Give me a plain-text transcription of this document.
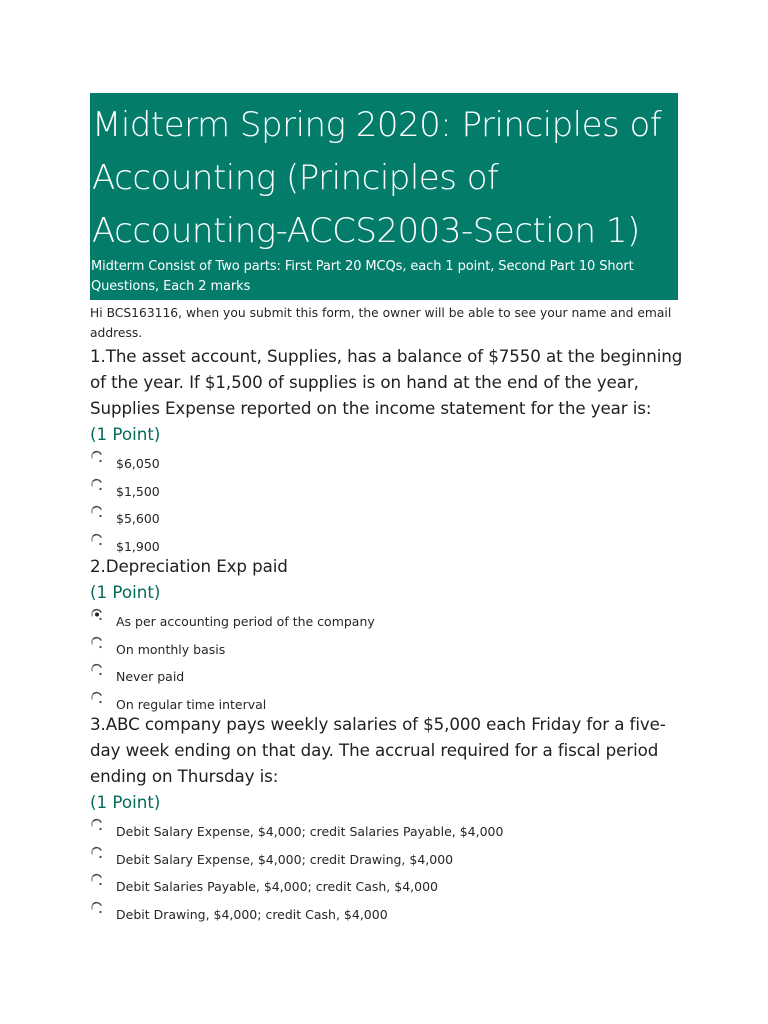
Midterm Spring 2020: Principles of Accounting (Principles of Accounting-ACCS2003-Section 1)
Midterm Consist of Two parts: First Part 20 MCQs, each 1 point, Second Part 10 Short Questions, Each 2 marks
Hi BCS163116, when you submit this form, the owner will be able to see your name and email address.
1.The asset account, Supplies, has a balance of $7550 at the beginning of the year. If $1,500 of supplies is on hand at the end of the year, Supplies Expense reported on the income statement for the year is:
(1 Point)
$6,050
$1,500
$5,600
$1,900
2.Depreciation Exp paid
(1 Point)
As per accounting period of the company
On monthly basis
Never paid
On regular time interval
3.ABC company pays weekly salaries of $5,000 each Friday for a five-day week ending on that day. The accrual required for a fiscal period ending on Thursday is:
(1 Point)
Debit Salary Expense, $4,000; credit Salaries Payable, $4,000
Debit Salary Expense, $4,000; credit Drawing, $4,000
Debit Salaries Payable, $4,000; credit Cash, $4,000
Debit Drawing, $4,000; credit Cash, $4,000
